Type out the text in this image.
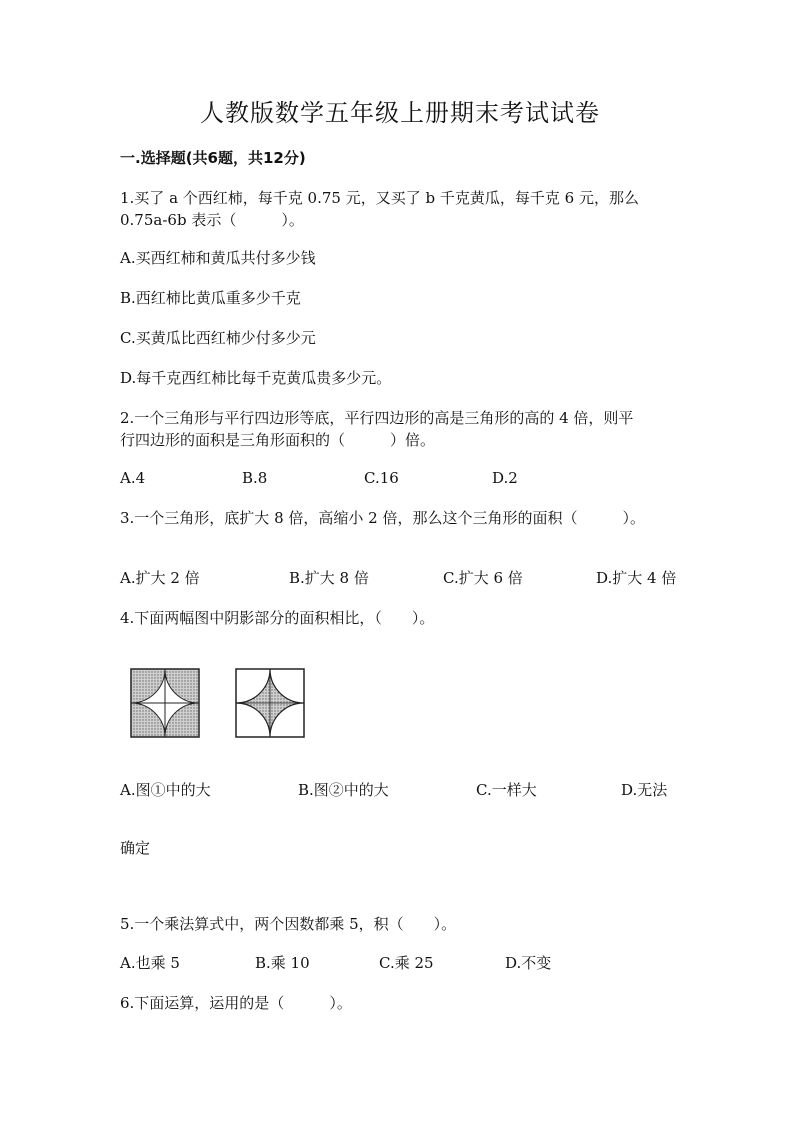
人教版数学五年级上册期末考试试卷
一.选择题(共6题，共12分)
1.买了 a 个西红柿，每千克 0.75 元，又买了 b 千克黄瓜，每千克 6 元，那么
0.75a-6b 表示（　　　）。
A.买西红柿和黄瓜共付多少钱
B.西红柿比黄瓜重多少千克
C.买黄瓜比西红柿少付多少元
D.每千克西红柿比每千克黄瓜贵多少元。
2.一个三角形与平行四边形等底，平行四边形的高是三角形的高的 4 倍，则平
行四边形的面积是三角形面积的（　　　）倍。
A.4	B.8	C.16	D.2
3.一个三角形，底扩大 8 倍，高缩小 2 倍，那么这个三角形的面积（　　　）。
A.扩大 2 倍	B.扩大 8 倍	C.扩大 6 倍	D.扩大 4 倍
4.下面两幅图中阴影部分的面积相比，（　　）。
A.图①中的大	B.图②中的大	C.一样大	D.无法
确定
5.一个乘法算式中，两个因数都乘 5，积（　　）。
A.也乘 5	B.乘 10	C.乘 25	D.不变
6.下面运算，运用的是（　　　）。
